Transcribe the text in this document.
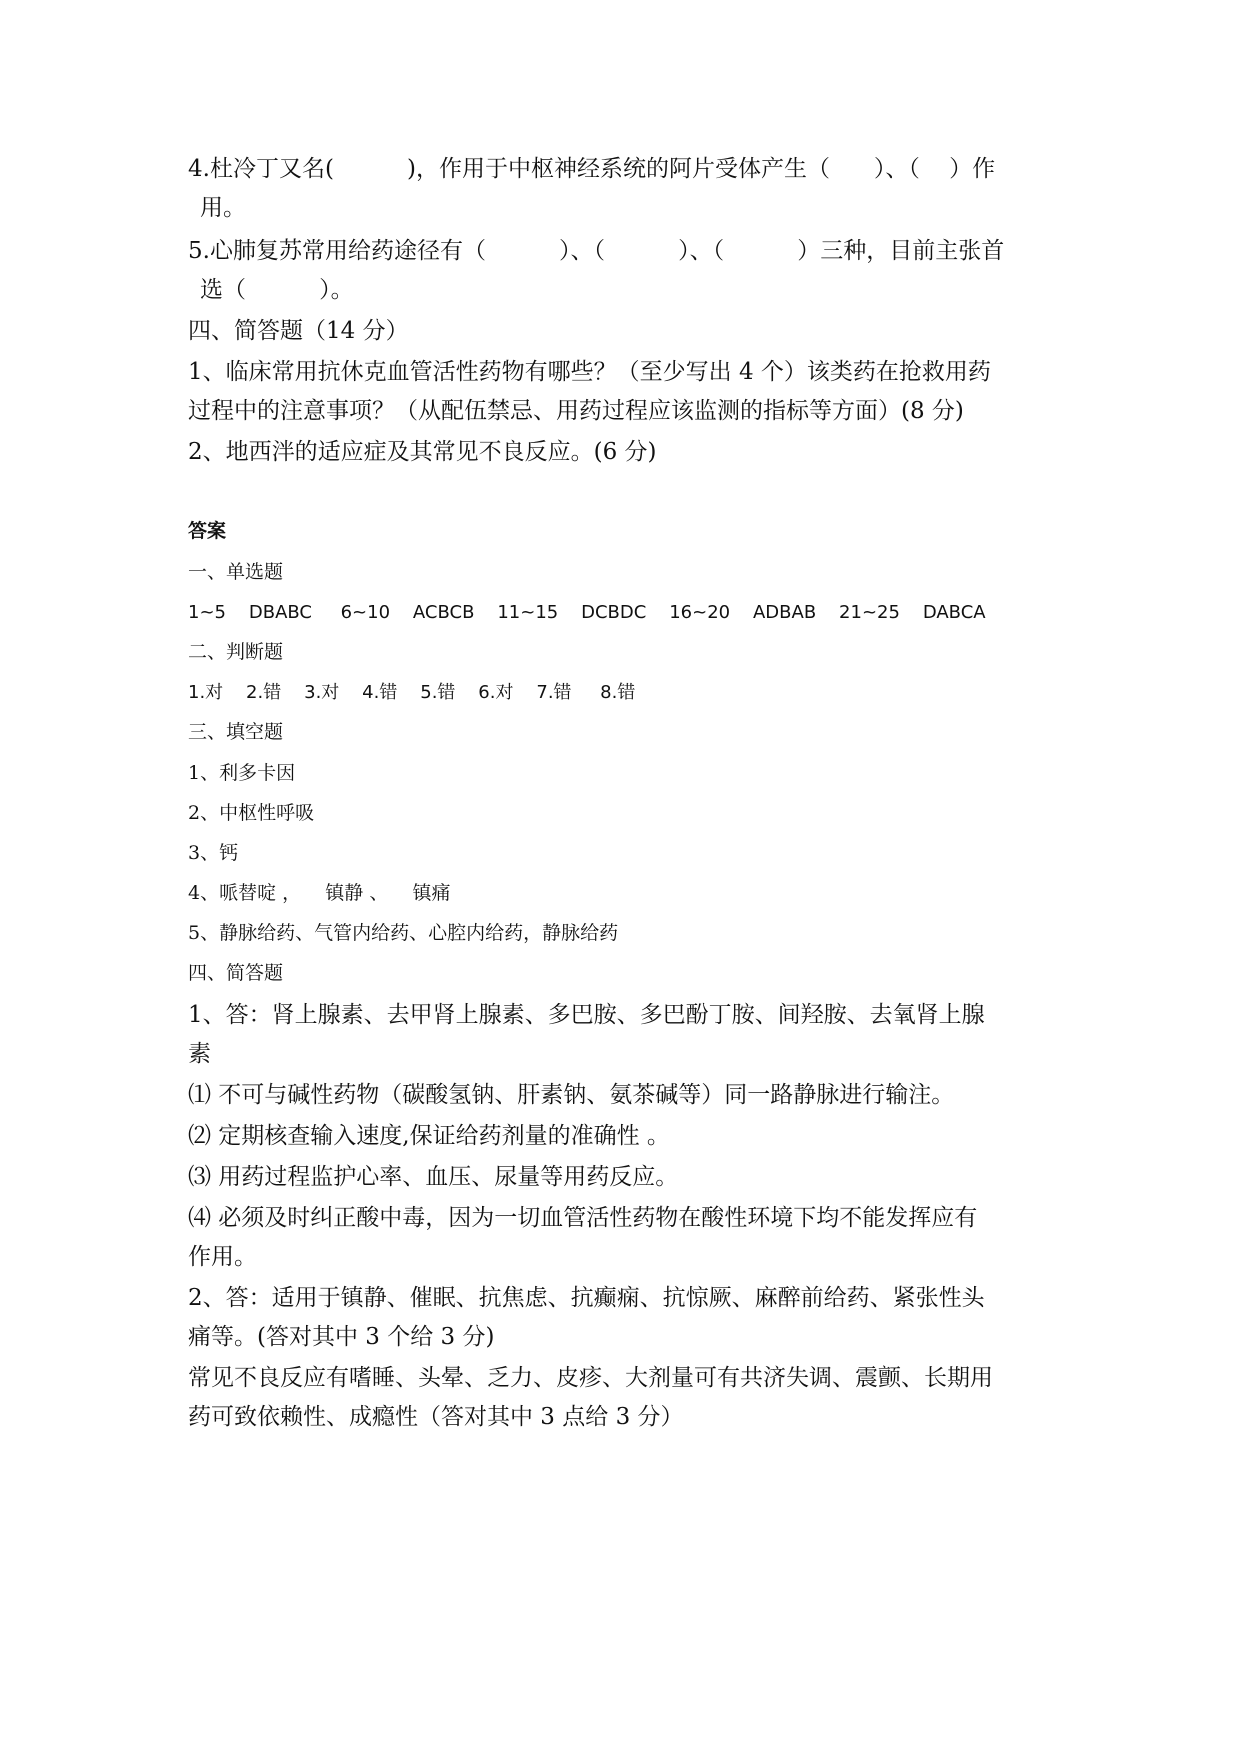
4.杜冷丁又名(          )，作用于中枢神经系统的阿片受体产生（      ）、（    ）作
用。
5.心肺复苏常用给药途径有（          ）、（          ）、（          ）三种，目前主张首
选（          ）。
四、简答题（14 分）
1、临床常用抗休克血管活性药物有哪些？（至少写出 4 个）该类药在抢救用药
过程中的注意事项？（从配伍禁忌、用药过程应该监测的指标等方面）(8 分)
2、地西泮的适应症及其常见不良反应。(6 分)
答案
一、单选题
1~5    DBABC     6~10    ACBCB    11~15    DCBDC    16~20    ADBAB    21~25    DABCA
二、判断题
1.对    2.错    3.对    4.错    5.错    6.对    7.错     8.错
三、填空题
1、利多卡因
2、中枢性呼吸
3、钙
4、哌替啶 ，    镇静 、    镇痛
5、静脉给药、气管内给药、心腔内给药，静脉给药
四、简答题
1、答：肾上腺素、去甲肾上腺素、多巴胺、多巴酚丁胺、间羟胺、去氧肾上腺
素
⑴ 不可与碱性药物（碳酸氢钠、肝素钠、氨茶碱等）同一路静脉进行输注。
⑵ 定期核查输入速度,保证给药剂量的准确性 。
⑶ 用药过程监护心率、血压、尿量等用药反应。
⑷ 必须及时纠正酸中毒，因为一切血管活性药物在酸性环境下均不能发挥应有
作用。
2、答：适用于镇静、催眠、抗焦虑、抗癫痫、抗惊厥、麻醉前给药、紧张性头
痛等。(答对其中 3 个给 3 分)
常见不良反应有嗜睡、头晕、乏力、皮疹、大剂量可有共济失调、震颤、长期用
药可致依赖性、成瘾性（答对其中 3 点给 3 分）
